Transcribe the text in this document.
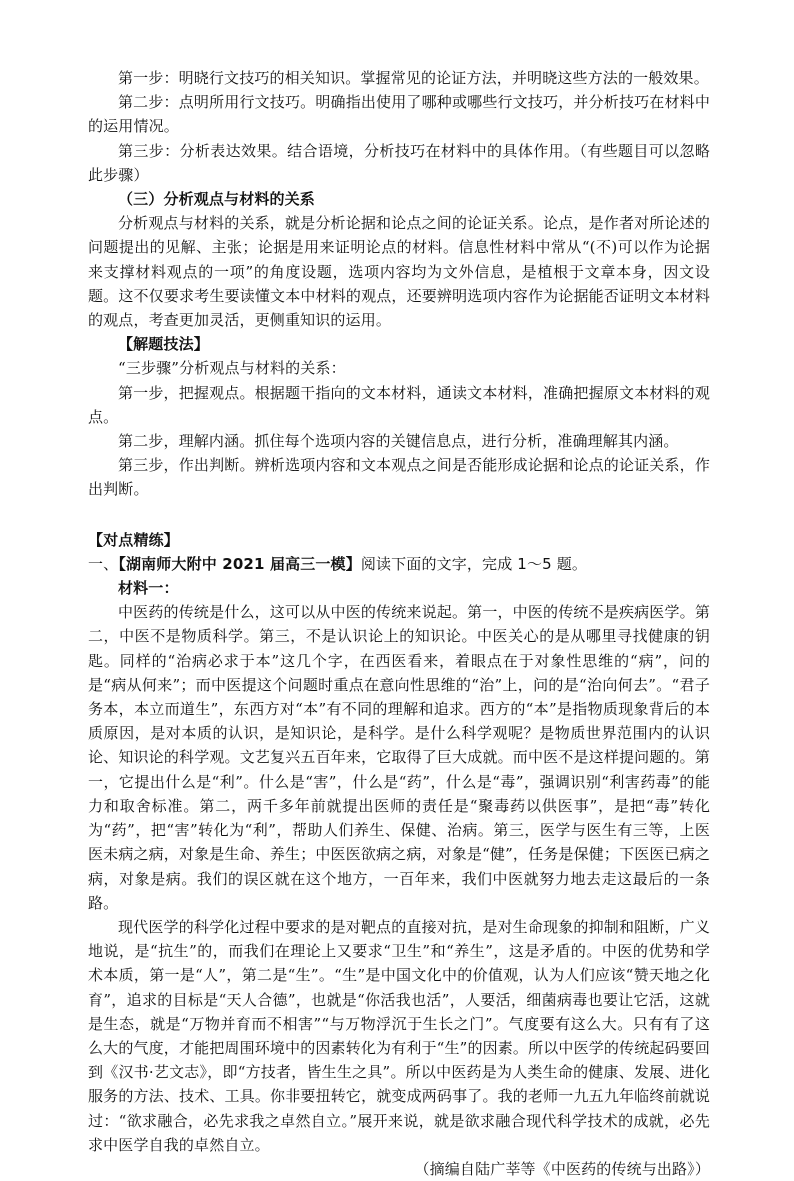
第一步：明晓行文技巧的相关知识。掌握常见的论证方法，并明晓这些方法的一般效果。

第二步：点明所用行文技巧。明确指出使用了哪种或哪些行文技巧，并分析技巧在材料中的运用情况。

第三步：分析表达效果。结合语境，分析技巧在材料中的具体作用。（有些题目可以忽略此步骤）

（三）分析观点与材料的关系

分析观点与材料的关系，就是分析论据和论点之间的论证关系。论点，是作者对所论述的问题提出的见解、主张；论据是用来证明论点的材料。信息性材料中常从“(不)可以作为论据来支撑材料观点的一项”的角度设题，选项内容均为文外信息，是植根于文章本身，因文设题。这不仅要求考生要读懂文本中材料的观点，还要辨明选项内容作为论据能否证明文本材料的观点，考查更加灵活，更侧重知识的运用。

【解题技法】

“三步骤”分析观点与材料的关系：

第一步，把握观点。根据题干指向的文本材料，通读文本材料，准确把握原文本材料的观点。

第二步，理解内涵。抓住每个选项内容的关键信息点，进行分析，准确理解其内涵。

第三步，作出判断。辨析选项内容和文本观点之间是否能形成论据和论点的论证关系，作出判断。

【对点精练】

一、【湖南师大附中 2021 届高三一模】阅读下面的文字，完成 1～5 题。

材料一：

中医药的传统是什么，这可以从中医的传统来说起。第一，中医的传统不是疾病医学。第二，中医不是物质科学。第三，不是认识论上的知识论。中医关心的是从哪里寻找健康的钥匙。同样的“治病必求于本”这几个字，在西医看来，着眼点在于对象性思维的“病”，问的是“病从何来”；而中医提这个问题时重点在意向性思维的“治”上，问的是“治向何去”。“君子务本，本立而道生”，东西方对“本”有不同的理解和追求。西方的“本”是指物质现象背后的本质原因，是对本质的认识，是知识论，是科学。是什么科学观呢？是物质世界范围内的认识论、知识论的科学观。文艺复兴五百年来，它取得了巨大成就。而中医不是这样提问题的。第一，它提出什么是“利”。什么是“害”，什么是“药”，什么是“毒”，强调识别“利害药毒”的能力和取舍标准。第二，两千多年前就提出医师的责任是“聚毒药以供医事”，是把“毒”转化为“药”，把“害”转化为“利”，帮助人们养生、保健、治病。第三，医学与医生有三等，上医医未病之病，对象是生命、养生；中医医欲病之病，对象是“健”，任务是保健；下医医已病之病，对象是病。我们的误区就在这个地方，一百年来，我们中医就努力地去走这最后的一条路。

现代医学的科学化过程中要求的是对靶点的直接对抗，是对生命现象的抑制和阻断，广义地说，是“抗生”的，而我们在理论上又要求“卫生”和“养生”，这是矛盾的。中医的优势和学术本质，第一是“人”，第二是“生”。“生”是中国文化中的价值观，认为人们应该“赞天地之化育”，追求的目标是“天人合德”，也就是“你活我也活”，人要活，细菌病毒也要让它活，这就是生态，就是“万物并育而不相害”“与万物浮沉于生长之门”。气度要有这么大。只有有了这么大的气度，才能把周围环境中的因素转化为有利于“生”的因素。所以中医学的传统起码要回到《汉书·艺文志》，即“方技者，皆生生之具”。所以中医药是为人类生命的健康、发展、进化服务的方法、技术、工具。你非要扭转它，就变成两码事了。我的老师一九五九年临终前就说过：“欲求融合，必先求我之卓然自立。”展开来说，就是欲求融合现代科学技术的成就，必先求中医学自我的卓然自立。

（摘编自陆广莘等《中医药的传统与出路》）
